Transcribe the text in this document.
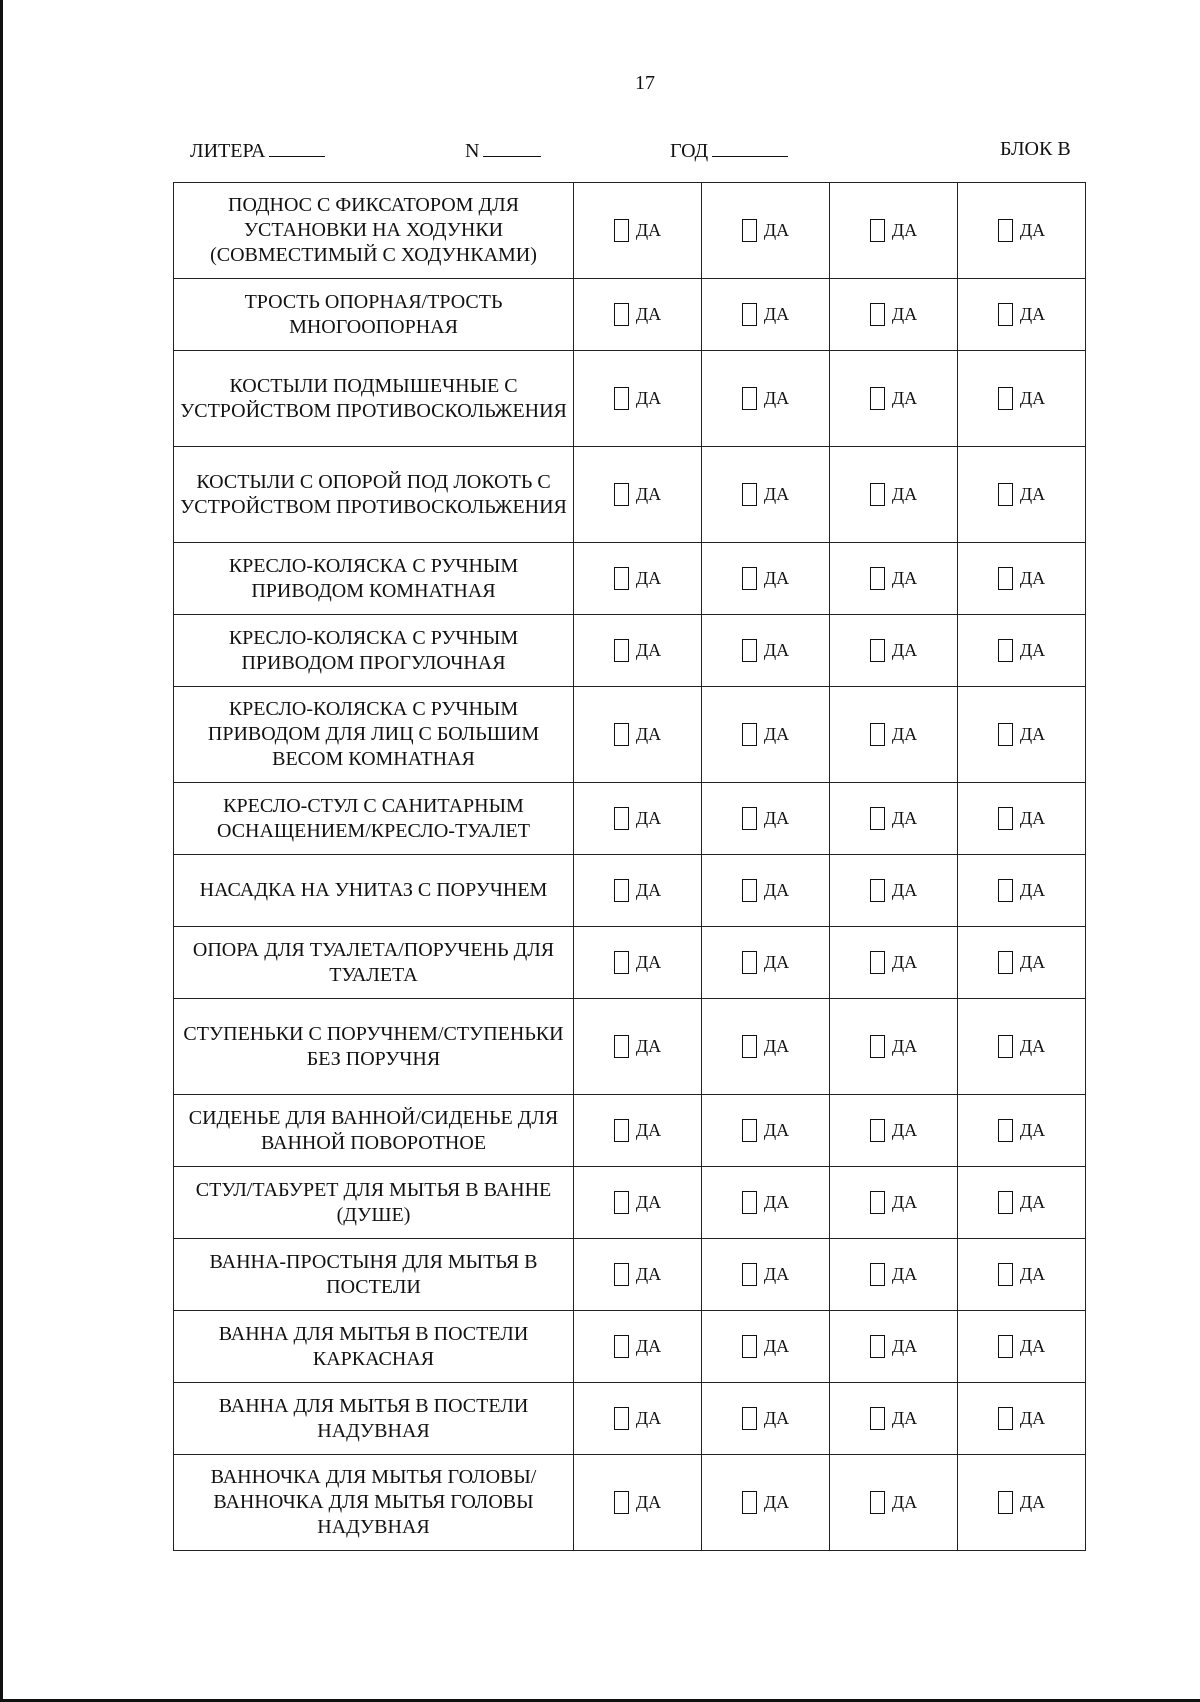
17
ЛИТЕРА	N	ГОД	БЛОК В
ПОДНОС С ФИКСАТОРОМ ДЛЯ УСТАНОВКИ НА ХОДУНКИ (СОВМЕСТИМЫЙ С ХОДУНКАМИ)	ДА	ДА	ДА	ДА

ТРОСТЬ ОПОРНАЯ/ТРОСТЬ МНОГООПОРНАЯ	ДА	ДА	ДА	ДА

КОСТЫЛИ ПОДМЫШЕЧНЫЕ С УСТРОЙСТВОМ ПРОТИВОСКОЛЬЖЕНИЯ	ДА	ДА	ДА	ДА

КОСТЫЛИ С ОПОРОЙ ПОД ЛОКОТЬ С УСТРОЙСТВОМ ПРОТИВОСКОЛЬЖЕНИЯ	ДА	ДА	ДА	ДА

КРЕСЛО-КОЛЯСКА С РУЧНЫМ ПРИВОДОМ КОМНАТНАЯ	ДА	ДА	ДА	ДА

КРЕСЛО-КОЛЯСКА С РУЧНЫМ ПРИВОДОМ ПРОГУЛОЧНАЯ	ДА	ДА	ДА	ДА

КРЕСЛО-КОЛЯСКА С РУЧНЫМ ПРИВОДОМ ДЛЯ ЛИЦ С БОЛЬШИМ ВЕСОМ КОМНАТНАЯ	ДА	ДА	ДА	ДА

КРЕСЛО-СТУЛ С САНИТАРНЫМ ОСНАЩЕНИЕМ/КРЕСЛО-ТУАЛЕТ	ДА	ДА	ДА	ДА

НАСАДКА НА УНИТАЗ С ПОРУЧНЕМ	ДА	ДА	ДА	ДА

ОПОРА ДЛЯ ТУАЛЕТА/ПОРУЧЕНЬ ДЛЯ ТУАЛЕТА	ДА	ДА	ДА	ДА

СТУПЕНЬКИ С ПОРУЧНЕМ/СТУПЕНЬКИ БЕЗ ПОРУЧНЯ	ДА	ДА	ДА	ДА

СИДЕНЬЕ ДЛЯ ВАННОЙ/СИДЕНЬЕ ДЛЯ ВАННОЙ ПОВОРОТНОЕ	ДА	ДА	ДА	ДА

СТУЛ/ТАБУРЕТ ДЛЯ МЫТЬЯ В ВАННЕ (ДУШЕ)	ДА	ДА	ДА	ДА

ВАННА-ПРОСТЫНЯ ДЛЯ МЫТЬЯ В ПОСТЕЛИ	ДА	ДА	ДА	ДА

ВАННА ДЛЯ МЫТЬЯ В ПОСТЕЛИ КАРКАСНАЯ	ДА	ДА	ДА	ДА

ВАННА ДЛЯ МЫТЬЯ В ПОСТЕЛИ НАДУВНАЯ	ДА	ДА	ДА	ДА

ВАННОЧКА ДЛЯ МЫТЬЯ ГОЛОВЫ/ВАННОЧКА ДЛЯ МЫТЬЯ ГОЛОВЫ НАДУВНАЯ	ДА	ДА	ДА	ДА
